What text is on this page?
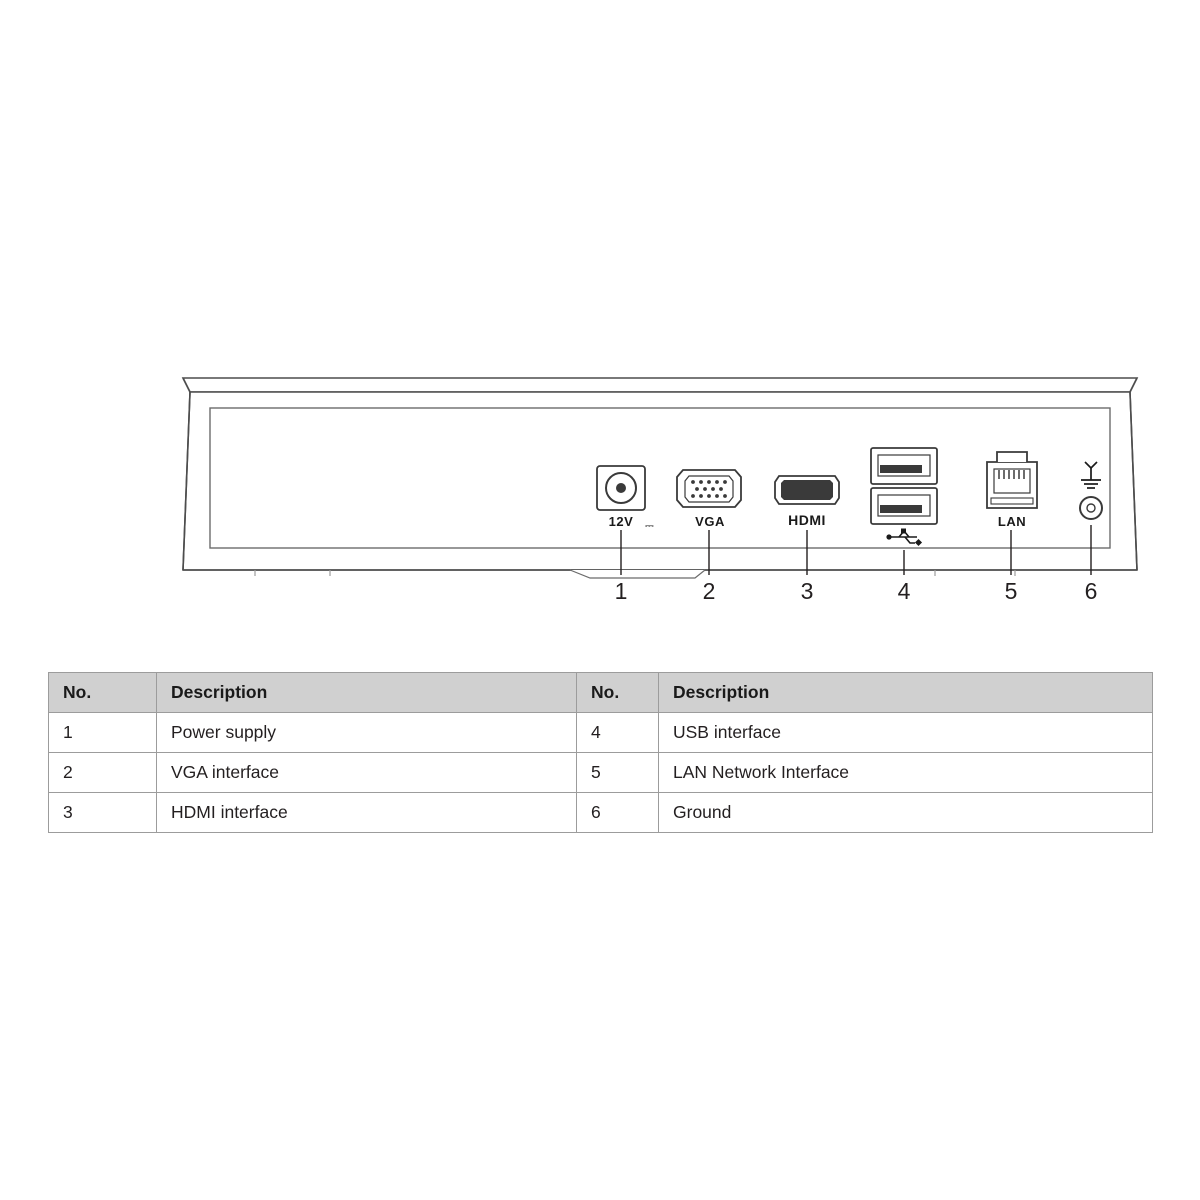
12V	⎓	VGA	HDMI	LAN
1	2	3	4	5	6
No.	Description	No.	Description
1	Power supply	4	USB interface
2	VGA interface	5	LAN Network Interface
3	HDMI interface	6	Ground
